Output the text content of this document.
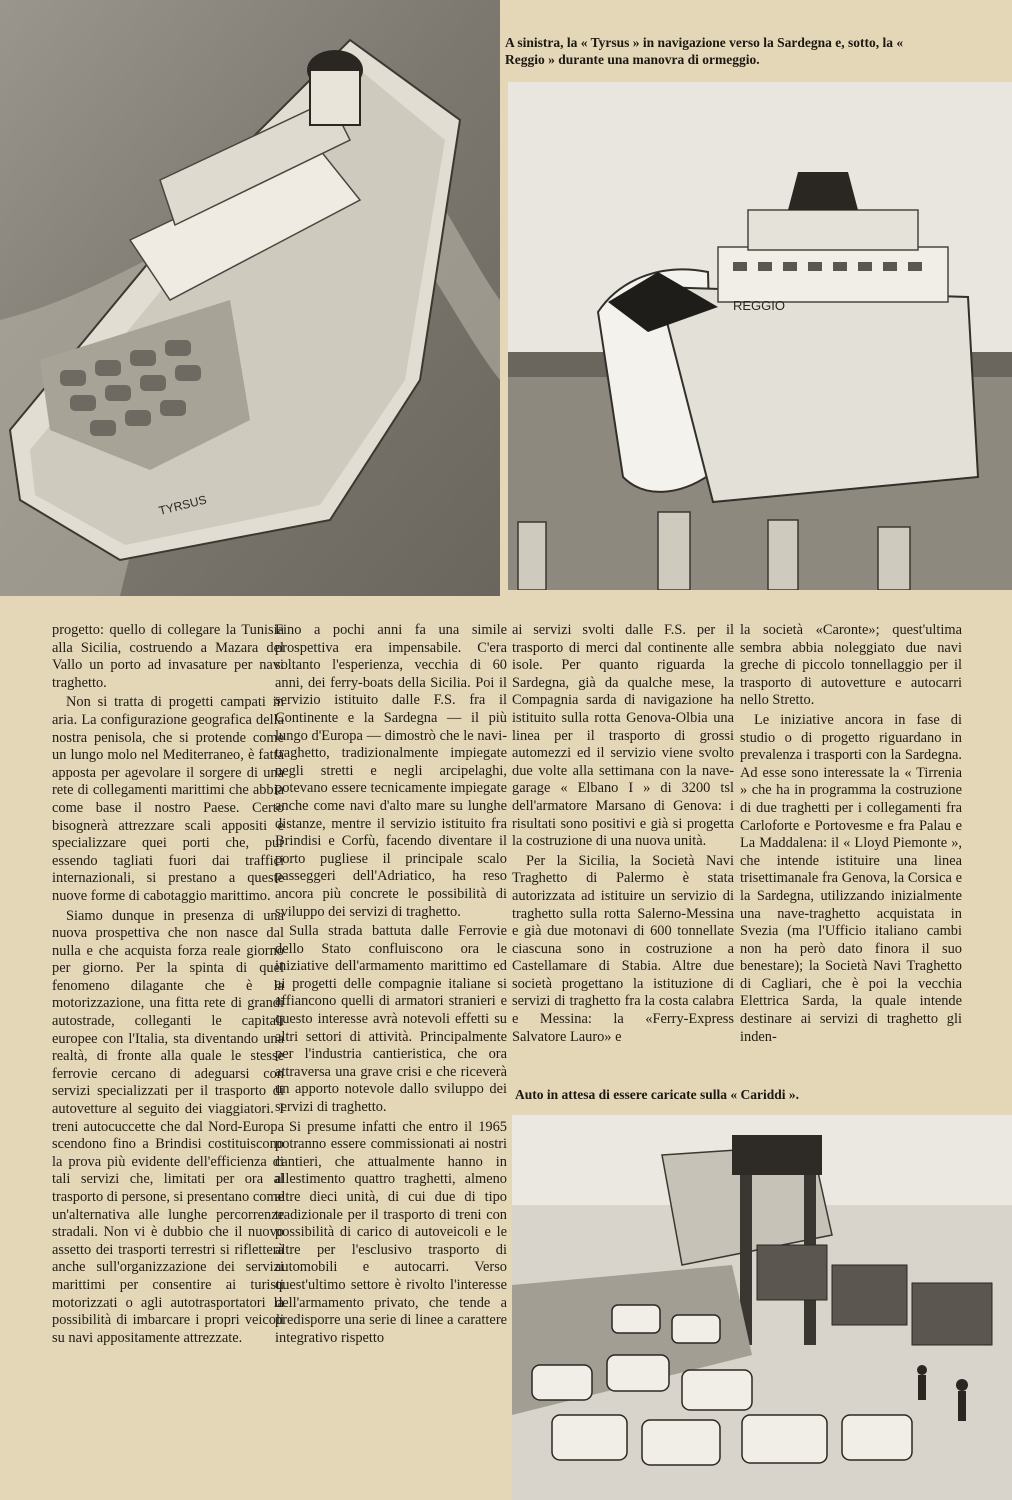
TYRSUS

A sinistra, la « Tyrsus » in navigazione verso la Sardegna e, sotto, la « Reggio » durante una manovra di ormeggio.

REGGIO

progetto: quello di collegare la Tunisia alla Sicilia, costruendo a Mazara del Vallo un porto ad invasature per navi traghetto.

Non si tratta di progetti campati in aria. La configurazione geografica della nostra penisola, che si protende come un lungo molo nel Mediterraneo, è fatta apposta per agevolare il sorgere di una rete di collegamenti marittimi che abbia come base il nostro Paese. Certo bisognerà attrezzare scali appositi e specializzare quei porti che, pur essendo tagliati fuori dai traffici internazionali, si prestano a queste nuove forme di cabotaggio marittimo.

Siamo dunque in presenza di una nuova prospettiva che non nasce dal nulla e che acquista forza reale giorno per giorno. Per la spinta di quel fenomeno dilagante che è la motorizzazione, una fitta rete di grandi autostrade, colleganti le capitali europee con l'Italia, sta diventando una realtà, di fronte alla quale le stesse ferrovie cercano di adeguarsi con servizi specializzati per il trasporto di autovetture al seguito dei viaggiatori. I treni autocuccette che dal Nord-Europa scendono fino a Brindisi costituiscono la prova più evidente dell'efficienza di tali servizi che, limitati per ora al trasporto di persone, si presentano come un'alternativa alle lunghe percorrenze stradali. Non vi è dubbio che il nuovo assetto dei trasporti terrestri si rifletterà anche sull'organizzazione dei servizi marittimi per consentire ai turisti motorizzati o agli autotrasportatori la possibilità di imbarcare i propri veicoli su navi appositamente attrezzate.

Fino a pochi anni fa una simile prospettiva era impensabile. C'era soltanto l'esperienza, vecchia di 60 anni, dei ferry-boats della Sicilia. Poi il servizio istituito dalle F.S. fra il Continente e la Sardegna — il più lungo d'Europa — dimostrò che le navi-traghetto, tradizionalmente impiegate negli stretti e negli arcipelaghi, potevano essere tecnicamente impiegate anche come navi d'alto mare su lunghe distanze, mentre il servizio istituito fra Brindisi e Corfù, facendo diventare il porto pugliese il principale scalo passeggeri dell'Adriatico, ha reso ancora più concrete le possibilità di sviluppo dei servizi di traghetto.

Sulla strada battuta dalle Ferrovie dello Stato confluiscono ora le iniziative dell'armamento marittimo ed ai progetti delle compagnie italiane si affiancono quelli di armatori stranieri e questo interesse avrà notevoli effetti su altri settori di attività. Principalmente per l'industria cantieristica, che ora attraversa una grave crisi e che riceverà un apporto notevole dallo sviluppo dei servizi di traghetto.

Si presume infatti che entro il 1965 potranno essere commissionati ai nostri cantieri, che attualmente hanno in allestimento quattro traghetti, almeno altre dieci unità, di cui due di tipo tradizionale per il trasporto di treni con possibilità di carico di autoveicoli e le altre per l'esclusivo trasporto di automobili e autocarri. Verso quest'ultimo settore è rivolto l'interesse dell'armamento privato, che tende a predisporre una serie di linee a carattere integrativo rispetto

ai servizi svolti dalle F.S. per il trasporto di merci dal continente alle isole. Per quanto riguarda la Sardegna, già da qualche mese, la Compagnia sarda di navigazione ha istituito sulla rotta Genova-Olbia una linea per il trasporto di grossi automezzi ed il servizio viene svolto due volte alla settimana con la nave-garage « Elbano I » di 3200 tsl dell'armatore Marsano di Genova: i risultati sono positivi e già si progetta la costruzione di una nuova unità.

Per la Sicilia, la Società Navi Traghetto di Palermo è stata autorizzata ad istituire un servizio di traghetto sulla rotta Salerno-Messina e già due motonavi di 600 tonnellate ciascuna sono in costruzione a Castellamare di Stabia. Altre due società progettano la istituzione di servizi di traghetto fra la costa calabra e Messina: la «Ferry-Express Salvatore Lauro» e

la società «Caronte»; quest'ultima sembra abbia noleggiato due navi greche di piccolo tonnellaggio per il trasporto di autovetture e autocarri nello Stretto.

Le iniziative ancora in fase di studio o di progetto riguardano in prevalenza i trasporti con la Sardegna. Ad esse sono interessate la « Tirrenia » che ha in programma la costruzione di due traghetti per i collegamenti fra Carloforte e Portovesme e fra Palau e La Maddalena: il « Lloyd Piemonte », che intende istituire una linea trisettimanale fra Genova, la Corsica e la Sardegna, utilizzando inizialmente una nave-traghetto acquistata in Svezia (ma l'Ufficio italiano cambi non ha però dato finora il suo benestare); la Società Navi Traghetto di Cagliari, che è poi la vecchia Elettrica Sarda, la quale intende destinare ai servizi di traghetto gli inden-

Auto in attesa di essere caricate sulla « Cariddi ».
